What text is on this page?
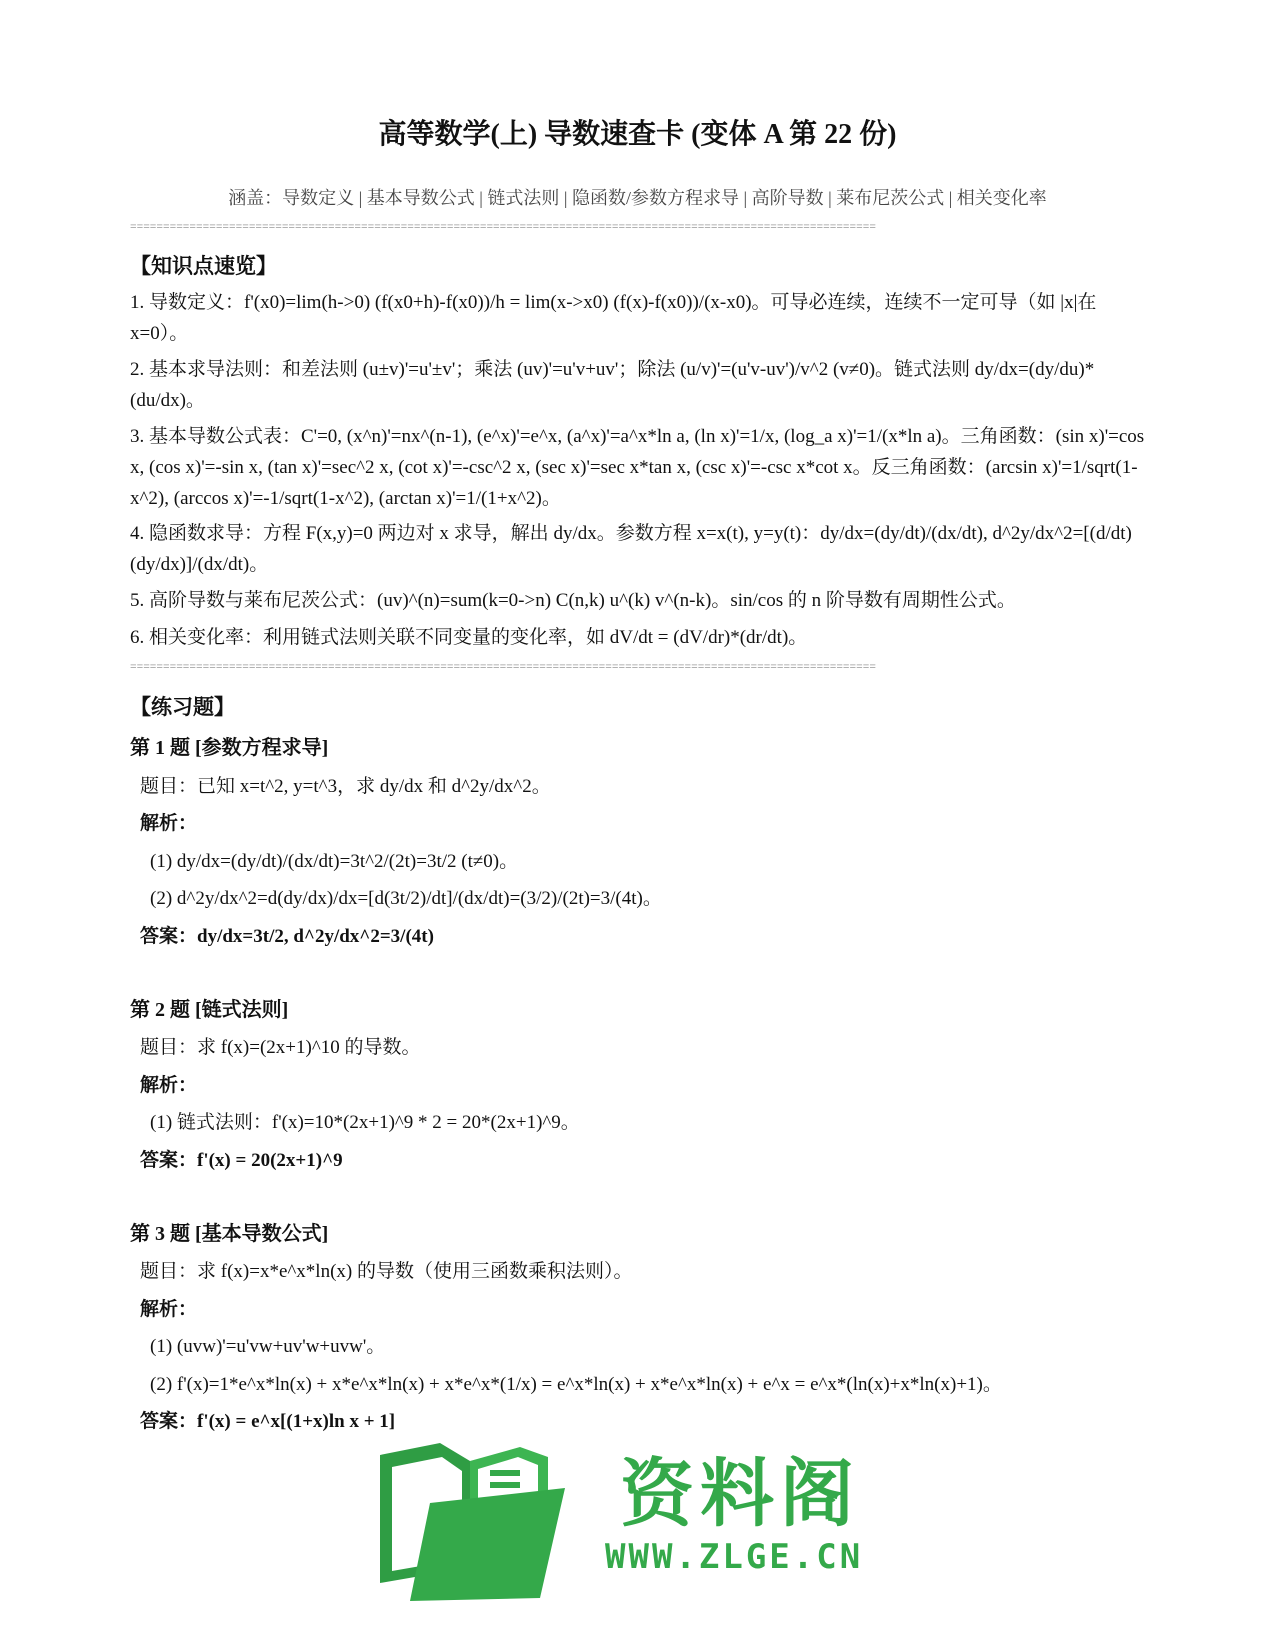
高等数学(上) 导数速查卡 (变体 A 第 22 份)
涵盖：导数定义 | 基本导数公式 | 链式法则 | 隐函数/参数方程求导 | 高阶导数 | 莱布尼茨公式 | 相关变化率
=================================================================================================================
【知识点速览】
1. 导数定义：f'(x0)=lim(h->0) (f(x0+h)-f(x0))/h = lim(x->x0) (f(x)-f(x0))/(x-x0)。可导必连续，连续不一定可导（如 |x|在 x=0）。
2. 基本求导法则：和差法则 (u±v)'=u'±v'；乘法 (uv)'=u'v+uv'；除法 (u/v)'=(u'v-uv')/v^2 (v≠0)。链式法则 dy/dx=(dy/du)*(du/dx)。
3. 基本导数公式表：C'=0, (x^n)'=nx^(n-1), (e^x)'=e^x, (a^x)'=a^x*ln a, (ln x)'=1/x, (log_a x)'=1/(x*ln a)。三角函数：(sin x)'=cos x, (cos x)'=-sin x, (tan x)'=sec^2 x, (cot x)'=-csc^2 x, (sec x)'=sec x*tan x, (csc x)'=-csc x*cot x。反三角函数：(arcsin x)'=1/sqrt(1-x^2), (arccos x)'=-1/sqrt(1-x^2), (arctan x)'=1/(1+x^2)。
4. 隐函数求导：方程 F(x,y)=0 两边对 x 求导，解出 dy/dx。参数方程 x=x(t), y=y(t)：dy/dx=(dy/dt)/(dx/dt), d^2y/dx^2=[(d/dt)(dy/dx)]/(dx/dt)。
5. 高阶导数与莱布尼茨公式：(uv)^(n)=sum(k=0->n) C(n,k) u^(k) v^(n-k)。sin/cos 的 n 阶导数有周期性公式。
6. 相关变化率：利用链式法则关联不同变量的变化率，如 dV/dt = (dV/dr)*(dr/dt)。
=================================================================================================================
【练习题】
第 1 题 [参数方程求导]
题目：已知 x=t^2, y=t^3，求 dy/dx 和 d^2y/dx^2。
解析：
(1) dy/dx=(dy/dt)/(dx/dt)=3t^2/(2t)=3t/2 (t≠0)。
(2) d^2y/dx^2=d(dy/dx)/dx=[d(3t/2)/dt]/(dx/dt)=(3/2)/(2t)=3/(4t)。
答案：dy/dx=3t/2, d^2y/dx^2=3/(4t)
第 2 题 [链式法则]
题目：求 f(x)=(2x+1)^10 的导数。
解析：
(1) 链式法则：f'(x)=10*(2x+1)^9 * 2 = 20*(2x+1)^9。
答案：f'(x) = 20(2x+1)^9
第 3 题 [基本导数公式]
题目：求 f(x)=x*e^x*ln(x) 的导数（使用三函数乘积法则）。
解析：
(1) (uvw)'=u'vw+uv'w+uvw'。
(2) f'(x)=1*e^x*ln(x) + x*e^x*ln(x) + x*e^x*(1/x) = e^x*ln(x) + x*e^x*ln(x) + e^x = e^x*(ln(x)+x*ln(x)+1)。
答案：f'(x) = e^x[(1+x)ln x + 1]
资料阁
WWW.ZLGE.CN
